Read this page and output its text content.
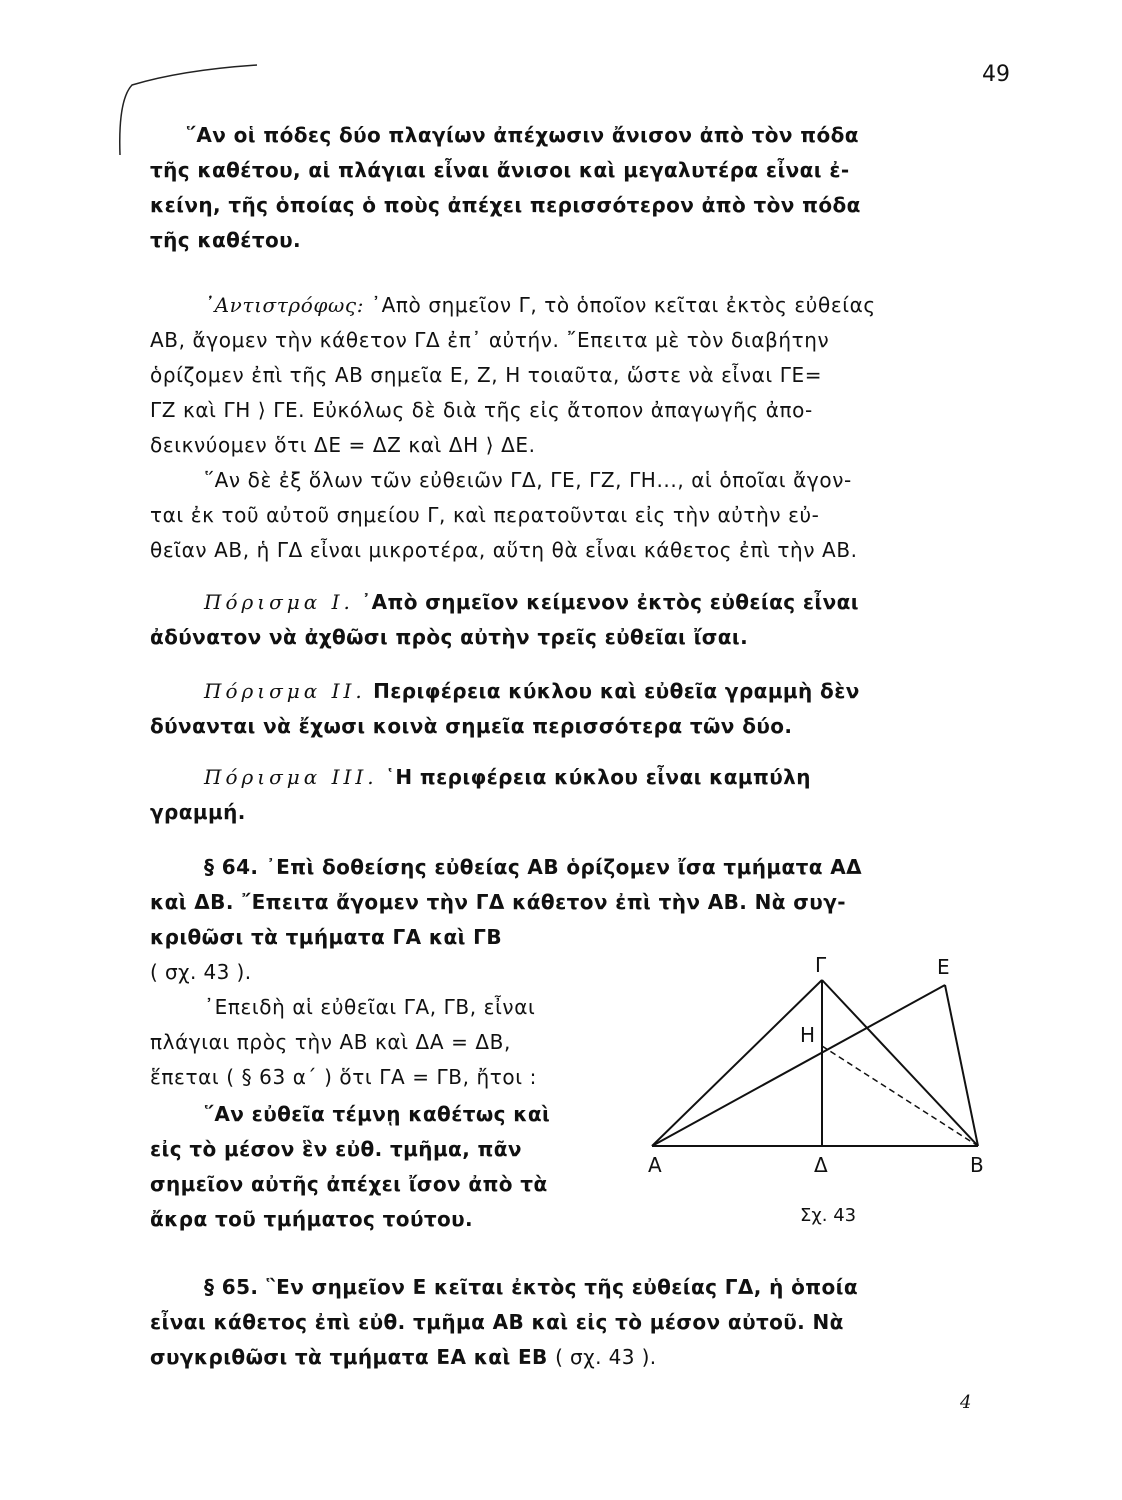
49
῞Αν οἱ πόδες δύο πλαγίων ἀπέχωσιν ἄνισον ἀπὸ τὸν πόδα
τῆς καθέτου, αἱ πλάγιαι εἶναι ἄνισοι καὶ μεγαλυτέρα εἶναι ἐ-
κείνη, τῆς ὁποίας ὁ ποὺς ἀπέχει περισσότερον ἀπὸ τὸν πόδα
τῆς καθέτου.
᾿Αντιστρόφως: ᾿Απὸ σημεῖον Γ, τὸ ὁποῖον κεῖται ἐκτὸς εὐθείας
ΑΒ, ἄγομεν τὴν κάθετον ΓΔ ἐπ᾿ αὐτήν. ῎Επειτα μὲ τὸν διαβήτην
ὁρίζομεν ἐπὶ τῆς ΑΒ σημεῖα Ε, Ζ, Η τοιαῦτα, ὥστε νὰ εἶναι ΓΕ=
ΓΖ καὶ ΓΗ ⟩ ΓΕ. Εὐκόλως δὲ διὰ τῆς εἰς ἄτοπον ἀπαγωγῆς ἀπο-
δεικνύομεν ὅτι ΔΕ = ΔΖ καὶ ΔΗ ⟩ ΔΕ.
῞Αν δὲ ἐξ ὅλων τῶν εὐθειῶν ΓΔ, ΓΕ, ΓΖ, ΓΗ..., αἱ ὁποῖαι ἄγον-
ται ἐκ τοῦ αὐτοῦ σημείου Γ, καὶ περατοῦνται εἰς τὴν αὐτὴν εὐ-
θεῖαν ΑΒ, ἡ ΓΔ εἶναι μικροτέρα, αὕτη θὰ εἶναι κάθετος ἐπὶ τὴν ΑΒ.
Πόρισμα Ι. ᾿Απὸ σημεῖον κείμενον ἐκτὸς εὐθείας εἶναι
ἀδύνατον νὰ ἀχθῶσι πρὸς αὐτὴν τρεῖς εὐθεῖαι ἴσαι.
Πόρισμα ΙΙ. Περιφέρεια κύκλου καὶ εὐθεῖα γραμμὴ δὲν
δύνανται νὰ ἔχωσι κοινὰ σημεῖα περισσότερα τῶν δύο.
Πόρισμα ΙΙΙ. ῾Η περιφέρεια κύκλου εἶναι καμπύλη
γραμμή.
§ 64. ᾿Επὶ δοθείσης εὐθείας ΑΒ ὁρίζομεν ἴσα τμήματα ΑΔ
καὶ ΔΒ. ῎Επειτα ἄγομεν τὴν ΓΔ κάθετον ἐπὶ τὴν ΑΒ. Νὰ συγ-
κριθῶσι τὰ τμήματα ΓΑ καὶ ΓΒ
( σχ. 43 ).
᾿Επειδὴ αἱ εὐθεῖαι ΓΑ, ΓΒ, εἶναι
πλάγιαι πρὸς τὴν ΑΒ καὶ ΔΑ = ΔΒ,
ἕπεται ( § 63 α΄ ) ὅτι ΓΑ = ΓΒ, ἤτοι :
῞Αν εὐθεῖα τέμνῃ καθέτως καὶ
εἰς τὸ μέσον ἓν εὐθ. τμῆμα, πᾶν
σημεῖον αὐτῆς ἀπέχει ἴσον ἀπὸ τὰ
ἄκρα τοῦ τμήματος τούτου.
Α	Δ	Β
Γ	Ε
Η
Σχ. 43
§ 65. ῝Εν σημεῖον Ε κεῖται ἐκτὸς τῆς εὐθείας ΓΔ, ἡ ὁποία
εἶναι κάθετος ἐπὶ εὐθ. τμῆμα ΑΒ καὶ εἰς τὸ μέσον αὐτοῦ. Νὰ
συγκριθῶσι τὰ τμήματα ΕΑ καὶ ΕΒ ( σχ. 43 ).
4
